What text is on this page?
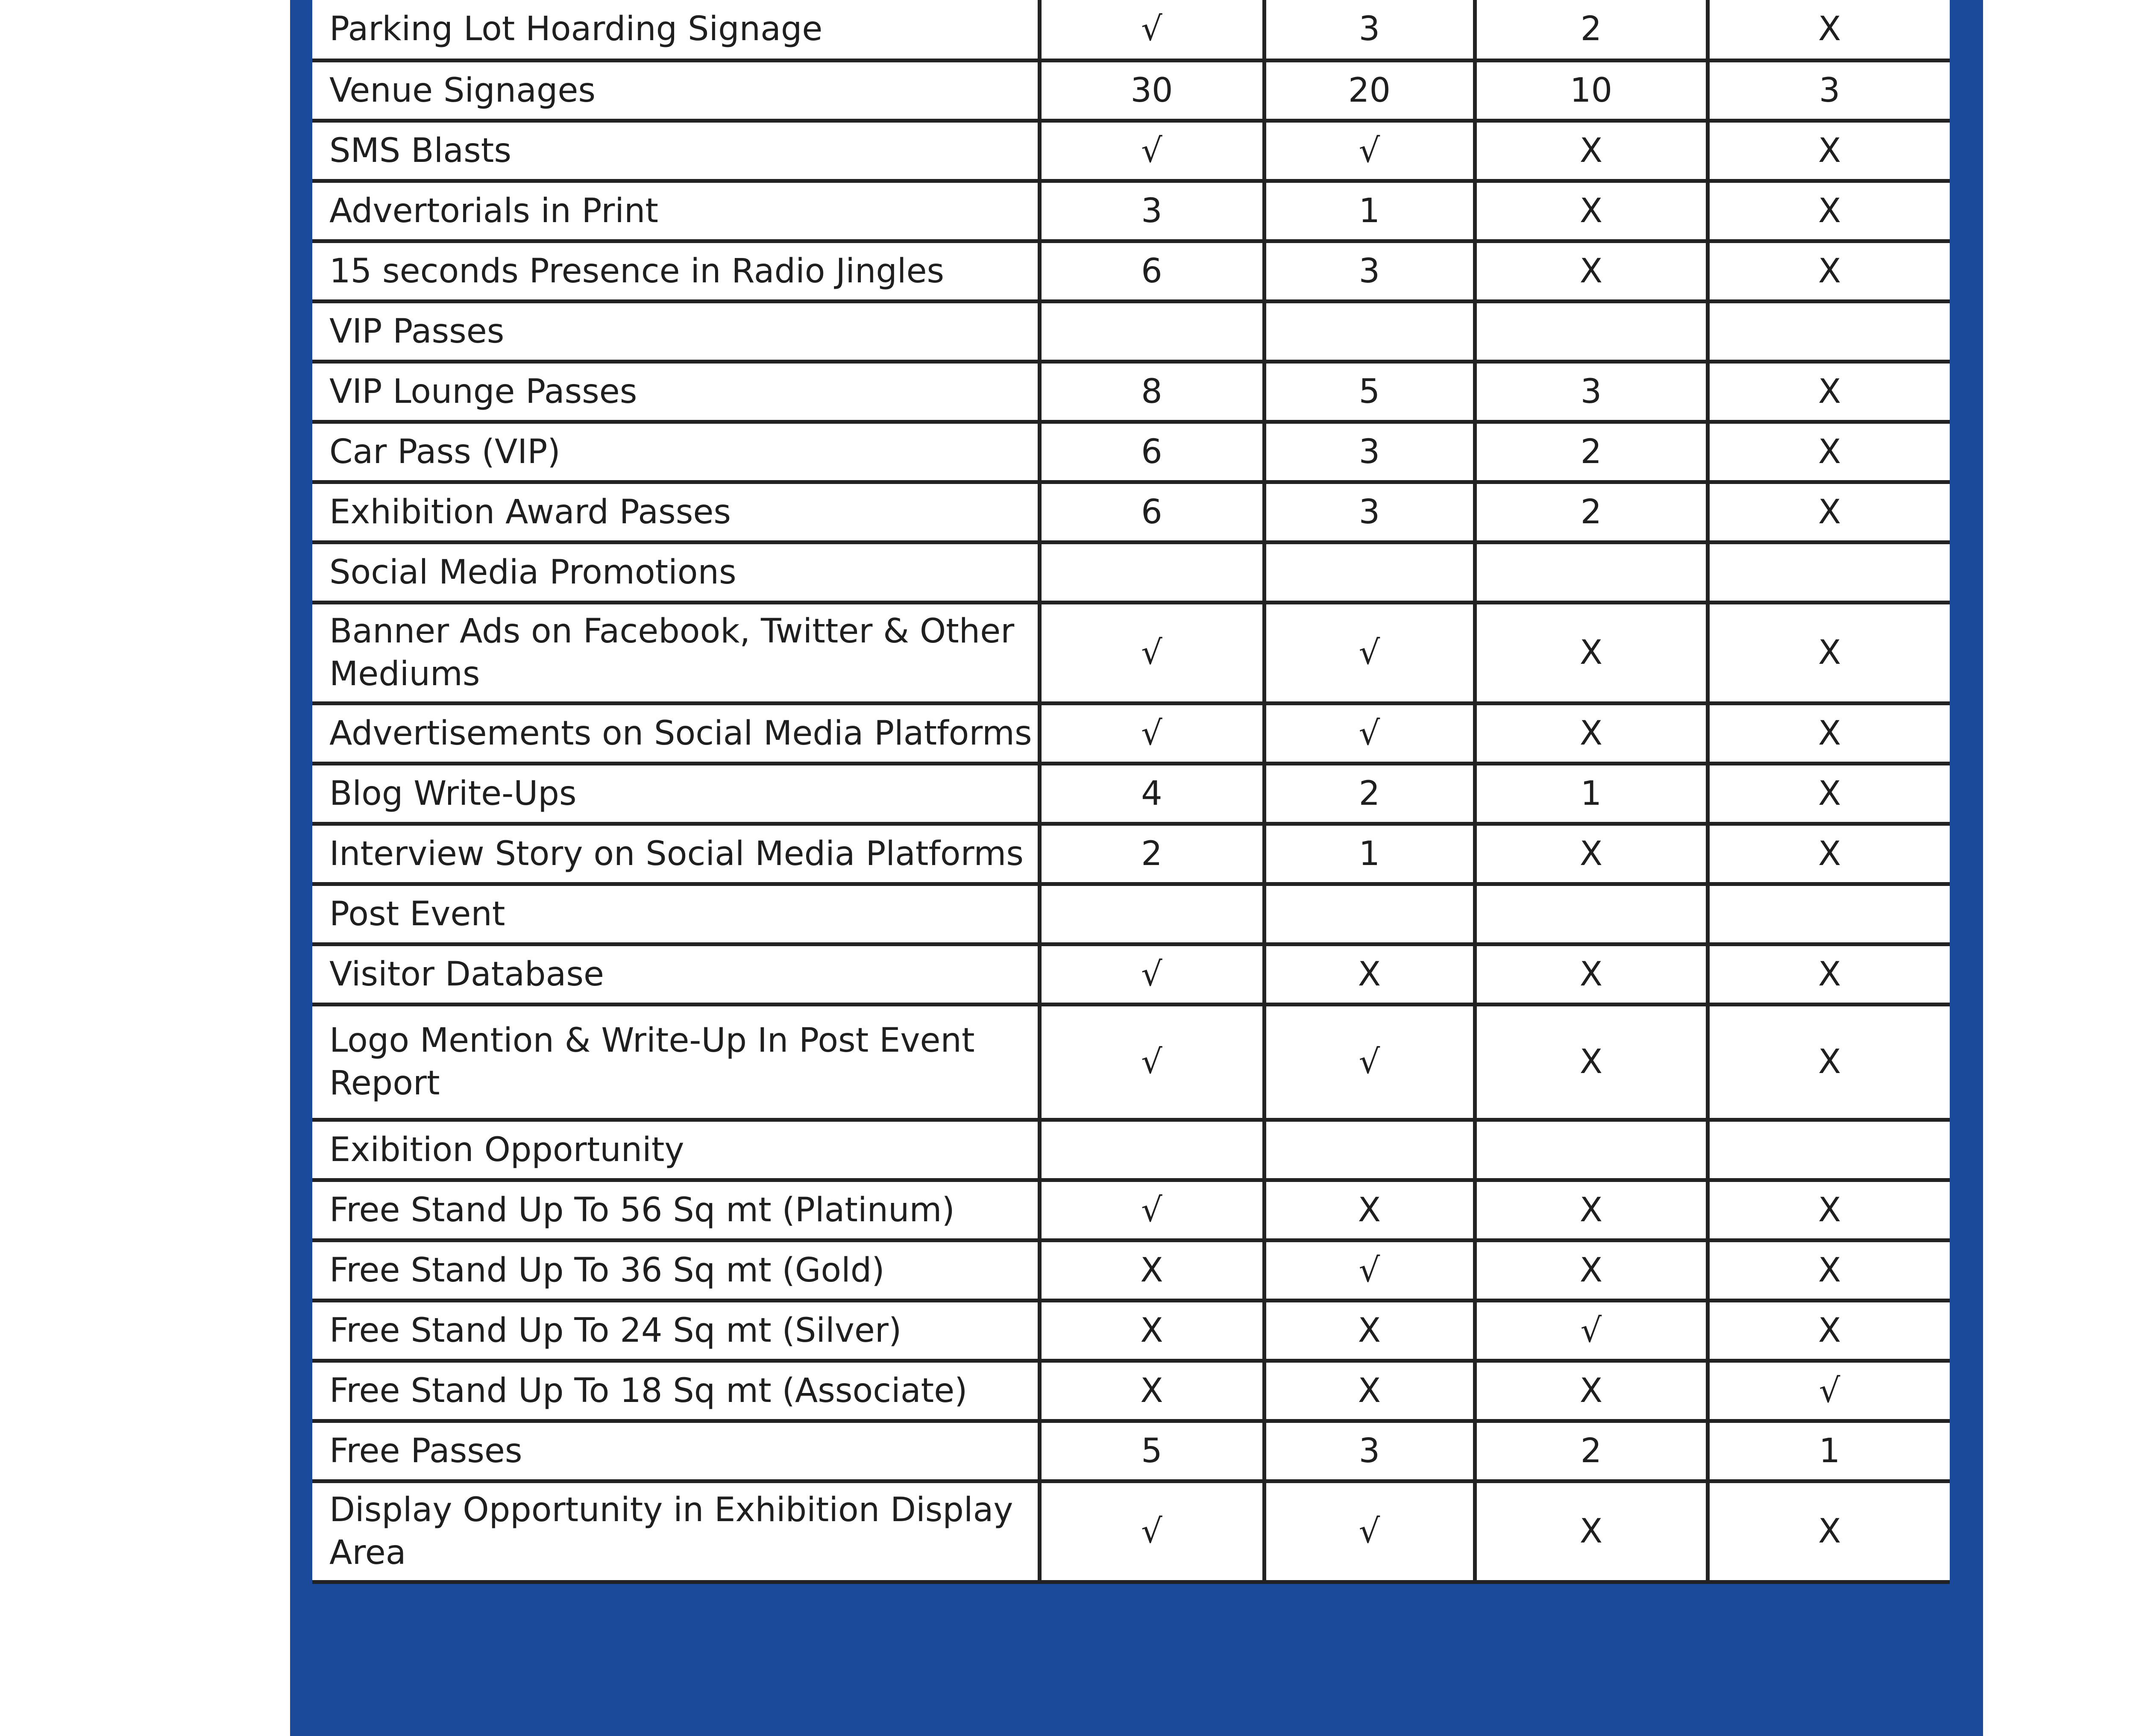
Parking Lot Hoarding Signage	√	3	2	X
Venue Signages	30	20	10	3
SMS Blasts	√	√	X	X
Advertorials in Print	3	1	X	X
15 seconds Presence in Radio Jingles	6	3	X	X
VIP Passes				
VIP Lounge Passes	8	5	3	X
Car Pass (VIP)	6	3	2	X
Exhibition Award Passes	6	3	2	X
Social Media Promotions				
Banner Ads on Facebook, Twitter & Other Mediums	√	√	X	X
Advertisements on Social Media Platforms	√	√	X	X
Blog Write-Ups	4	2	1	X
Interview Story on Social Media Platforms	2	1	X	X
Post Event				
Visitor Database	√	X	X	X
Logo Mention & Write-Up In Post Event Report	√	√	X	X
Exibition Opportunity				
Free Stand Up To 56 Sq mt (Platinum)	√	X	X	X
Free Stand Up To 36 Sq mt (Gold)	X	√	X	X
Free Stand Up To 24 Sq mt (Silver)	X	X	√	X
Free Stand Up To 18 Sq mt (Associate)	X	X	X	√
Free Passes	5	3	2	1
Display Opportunity in Exhibition Display Area	√	√	X	X
